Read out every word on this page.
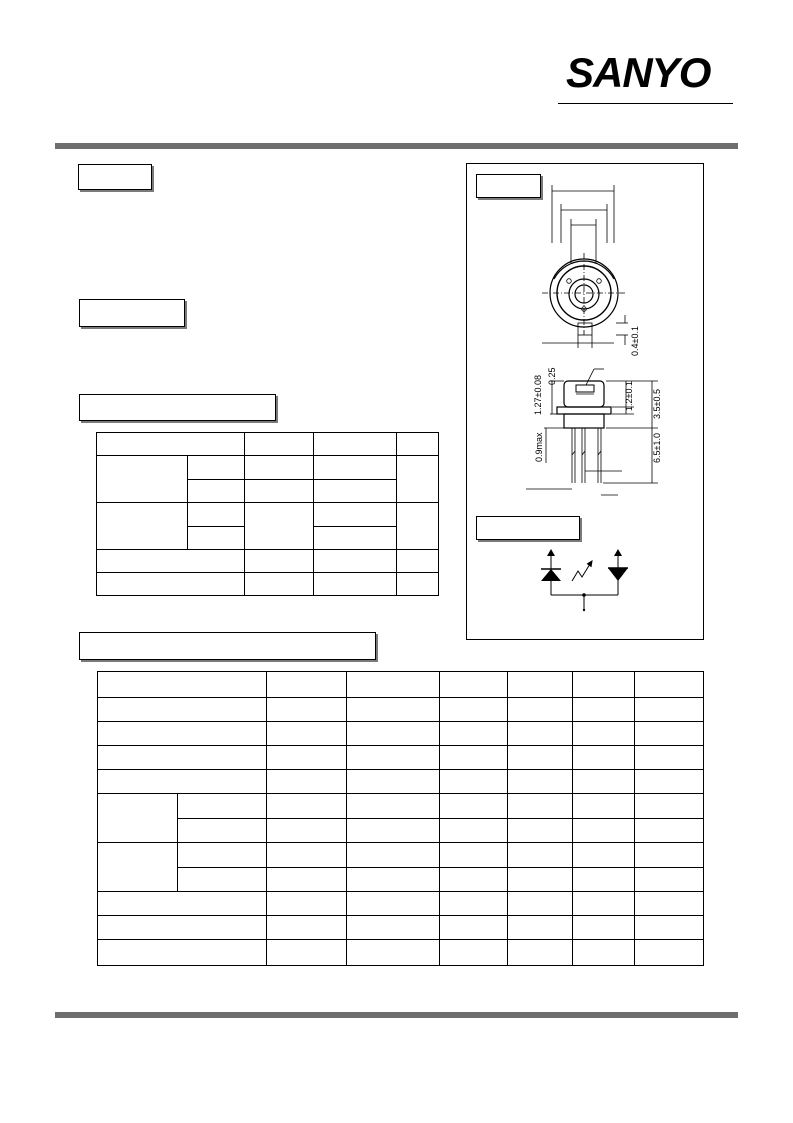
SANYO

0.4±0.1
0.25
1.27±0.08	1.2±0.1 3.5±0.5
0.9max	6.5±1.0
